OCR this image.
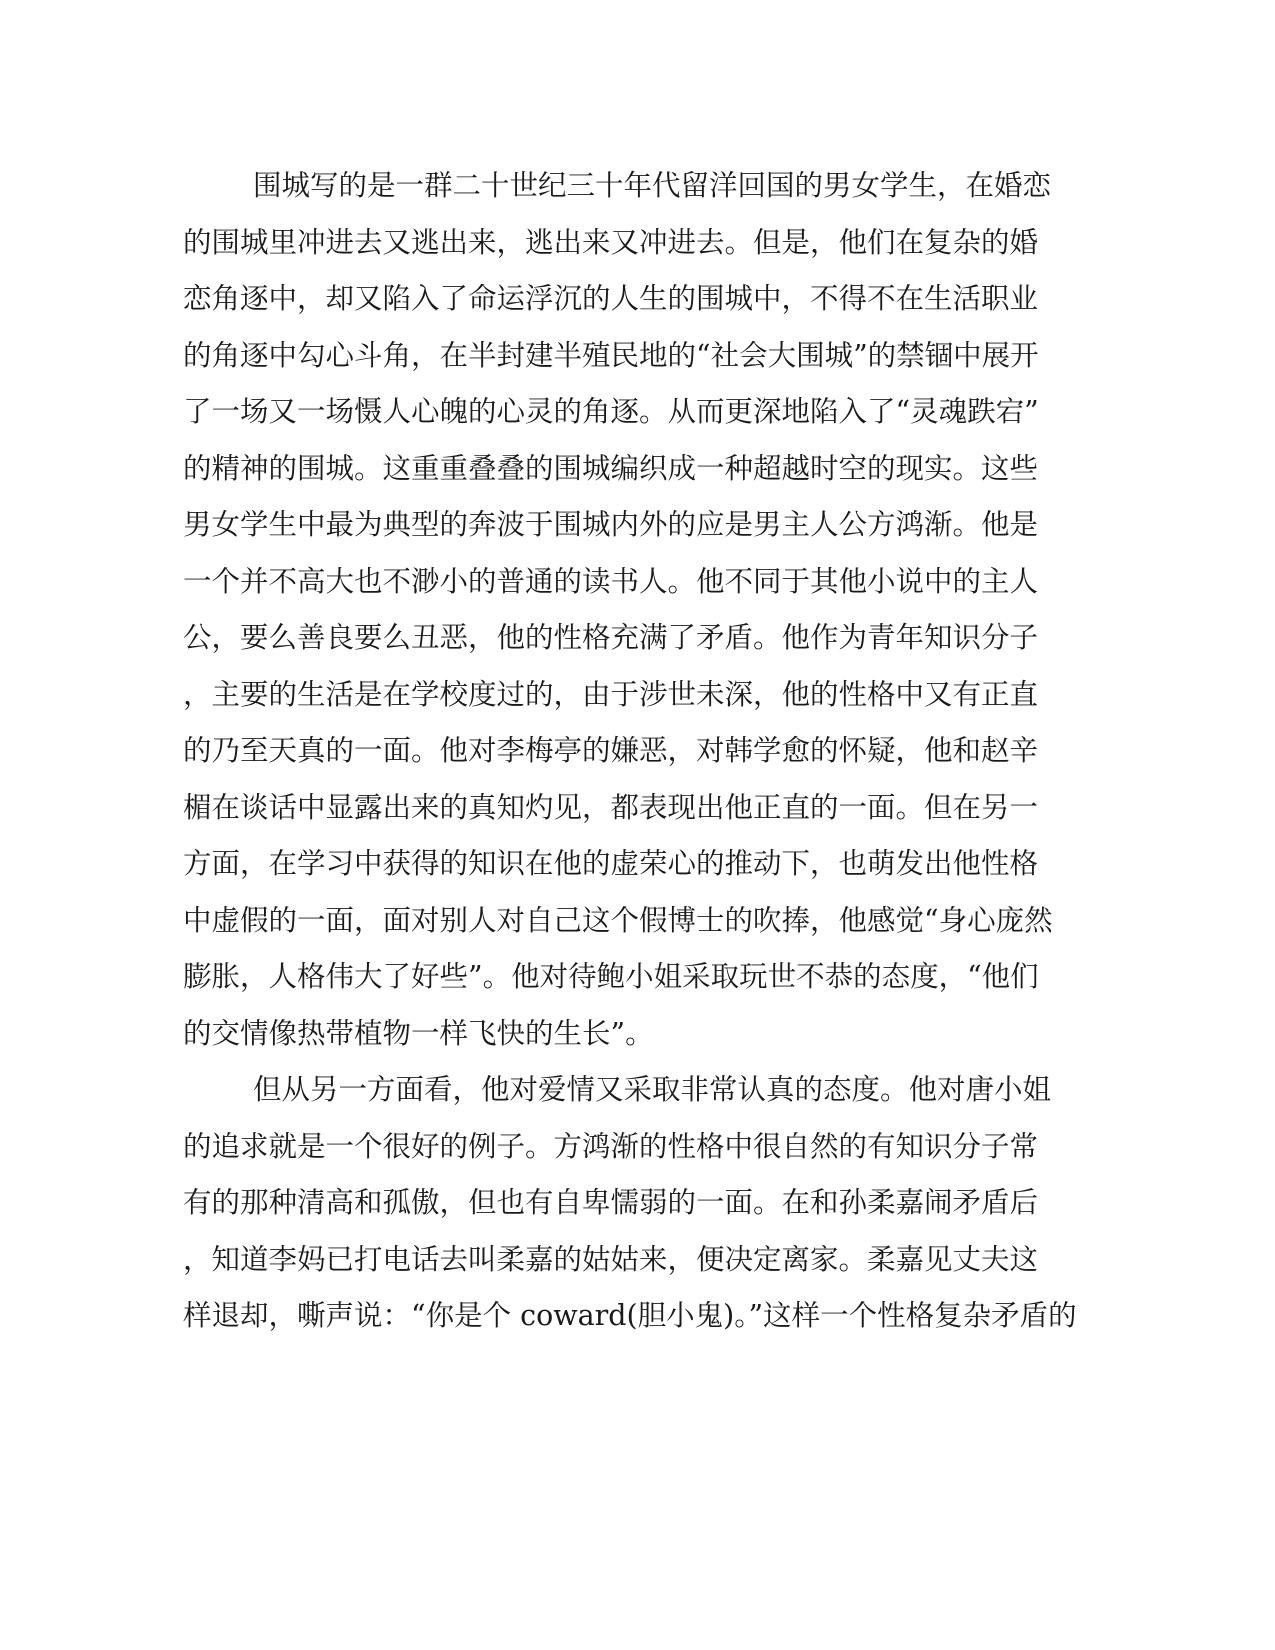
围城写的是一群二十世纪三十年代留洋回国的男女学生，在婚恋
的围城里冲进去又逃出来，逃出来又冲进去。但是，他们在复杂的婚
恋角逐中，却又陷入了命运浮沉的人生的围城中，不得不在生活职业
的角逐中勾心斗角，在半封建半殖民地的“社会大围城”的禁锢中展开
了一场又一场慑人心魄的心灵的角逐。从而更深地陷入了“灵魂跌宕”
的精神的围城。这重重叠叠的围城编织成一种超越时空的现实。这些
男女学生中最为典型的奔波于围城内外的应是男主人公方鸿渐。他是
一个并不高大也不渺小的普通的读书人。他不同于其他小说中的主人
公，要么善良要么丑恶，他的性格充满了矛盾。他作为青年知识分子
，主要的生活是在学校度过的，由于涉世未深，他的性格中又有正直
的乃至天真的一面。他对李梅亭的嫌恶，对韩学愈的怀疑，他和赵辛
楣在谈话中显露出来的真知灼见，都表现出他正直的一面。但在另一
方面，在学习中获得的知识在他的虚荣心的推动下，也萌发出他性格
中虚假的一面，面对别人对自己这个假博士的吹捧，他感觉“身心庞然
膨胀，人格伟大了好些”。他对待鲍小姐采取玩世不恭的态度，“他们
的交情像热带植物一样飞快的生长”。
但从另一方面看，他对爱情又采取非常认真的态度。他对唐小姐
的追求就是一个很好的例子。方鸿渐的性格中很自然的有知识分子常
有的那种清高和孤傲，但也有自卑懦弱的一面。在和孙柔嘉闹矛盾后
，知道李妈已打电话去叫柔嘉的姑姑来，便决定离家。柔嘉见丈夫这
样退却，嘶声说：“你是个 coward(胆小鬼)。”这样一个性格复杂矛盾的
